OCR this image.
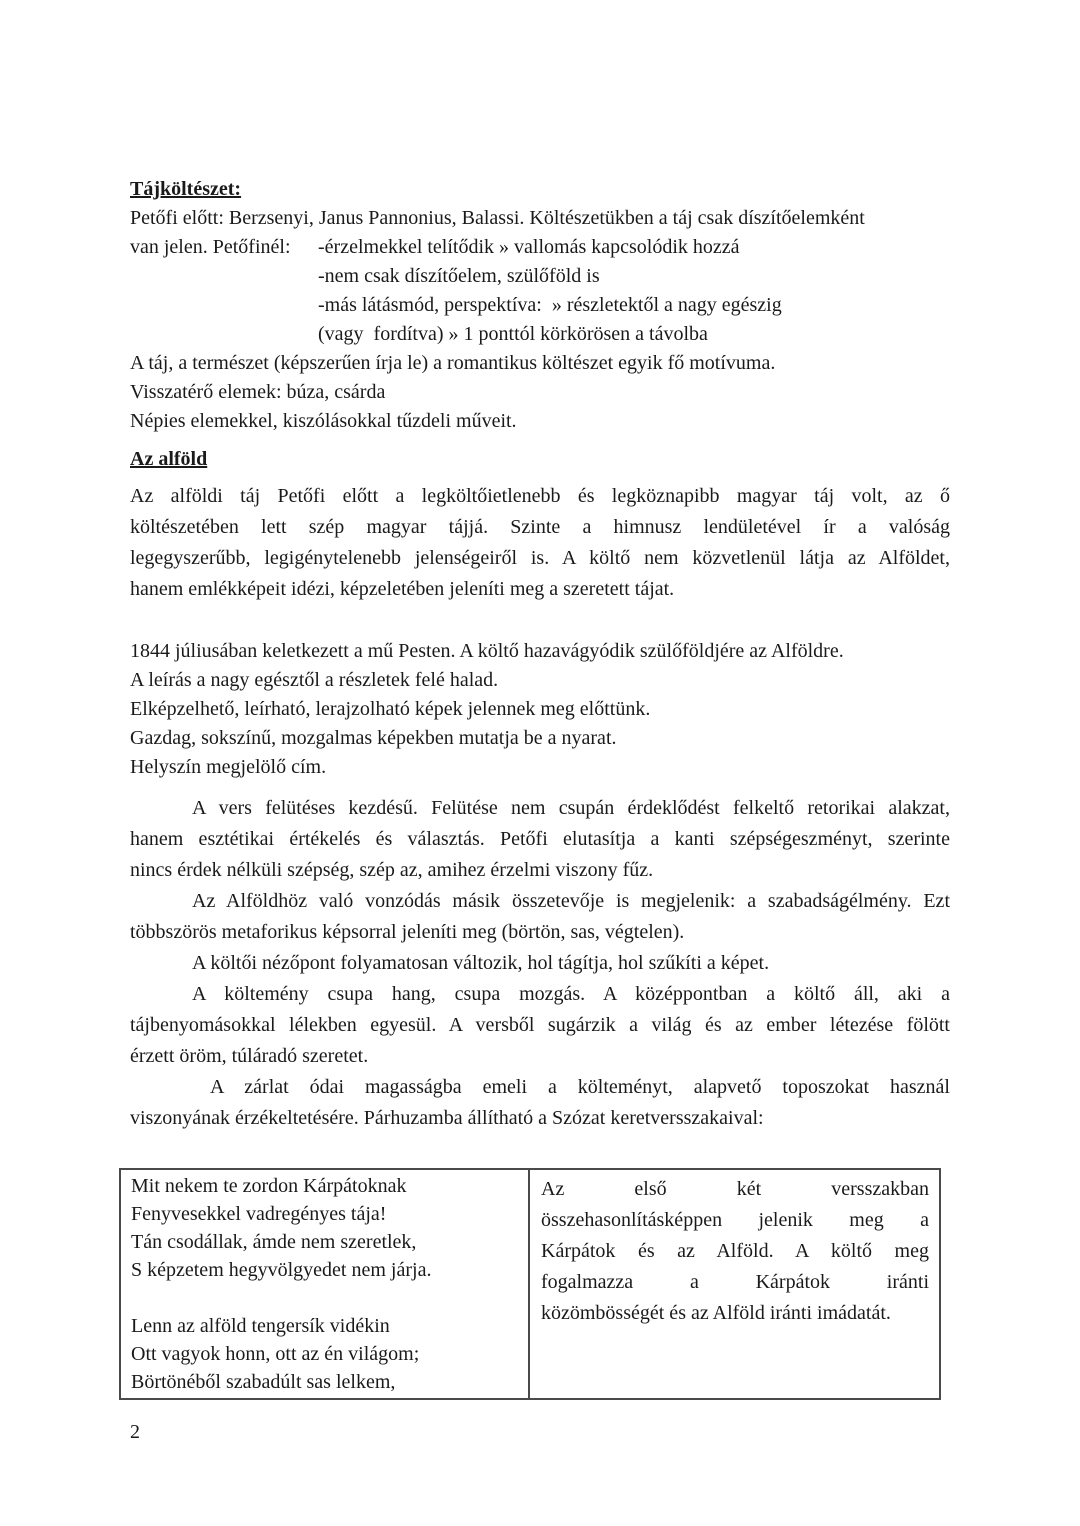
Tájköltészet:
Petőfi előtt: Berzsenyi, Janus Pannonius, Balassi. Költészetükben a táj csak díszítőelemként
van jelen. Petőfinél: -érzelmekkel telítődik » vallomás kapcsolódik hozzá
-nem csak díszítőelem, szülőföld is
-más látásmód, perspektíva:  » részletektől a nagy egészig
(vagy  fordítva) » 1 ponttól körkörösen a távolba
A táj, a természet (képszerűen írja le) a romantikus költészet egyik fő motívuma.
Visszatérő elemek: búza, csárda
Népies elemekkel, kiszólásokkal tűzdeli műveit.
Az alföld
Az alföldi táj Petőfi előtt a legköltőietlenebb és legköznapibb magyar táj volt, az ő
költészetében lett szép magyar tájjá. Szinte a himnusz lendületével ír a valóság
legegyszerűbb, legigénytelenebb jelenségeiről is. A költő nem közvetlenül látja az Alföldet,
hanem emlékképeit idézi, képzeletében jeleníti meg a szeretett tájat.
1844 júliusában keletkezett a mű Pesten. A költő hazavágyódik szülőföldjére az Alföldre.
A leírás a nagy egésztől a részletek felé halad.
Elképzelhető, leírható, lerajzolható képek jelennek meg előttünk.
Gazdag, sokszínű, mozgalmas képekben mutatja be a nyarat.
Helyszín megjelölő cím.
A vers felütéses kezdésű. Felütése nem csupán érdeklődést felkeltő retorikai alakzat,
hanem esztétikai értékelés és választás. Petőfi elutasítja a kanti szépségeszményt, szerinte
nincs érdek nélküli szépség, szép az, amihez érzelmi viszony fűz.
Az Alföldhöz való vonzódás másik összetevője is megjelenik: a szabadságélmény. Ezt
többszörös metaforikus képsorral jeleníti meg (börtön, sas, végtelen).
A költői nézőpont folyamatosan változik, hol tágítja, hol szűkíti a képet.
A költemény csupa hang, csupa mozgás. A középpontban a költő áll, aki a
tájbenyomásokkal lélekben egyesül. A versből sugárzik a világ és az ember létezése fölött
érzett öröm, túláradó szeretet.
A zárlat ódai magasságba emeli a költeményt, alapvető toposzokat használ
viszonyának érzékeltetésére. Párhuzamba állítható a Szózat keretversszakaival:
Mit nekem te zordon Kárpátoknak
Fenyvesekkel vadregényes tája!
Tán csodállak, ámde nem szeretlek,
S képzetem hegyvölgyedet nem járja.
Lenn az alföld tengersík vidékin
Ott vagyok honn, ott az én világom;
Börtönéből szabadúlt sas lelkem,
Az első két versszakban
összehasonlításképpen jelenik meg a
Kárpátok és az Alföld. A költő meg
fogalmazza a Kárpátok iránti
közömbösségét és az Alföld iránti imádatát.
2
